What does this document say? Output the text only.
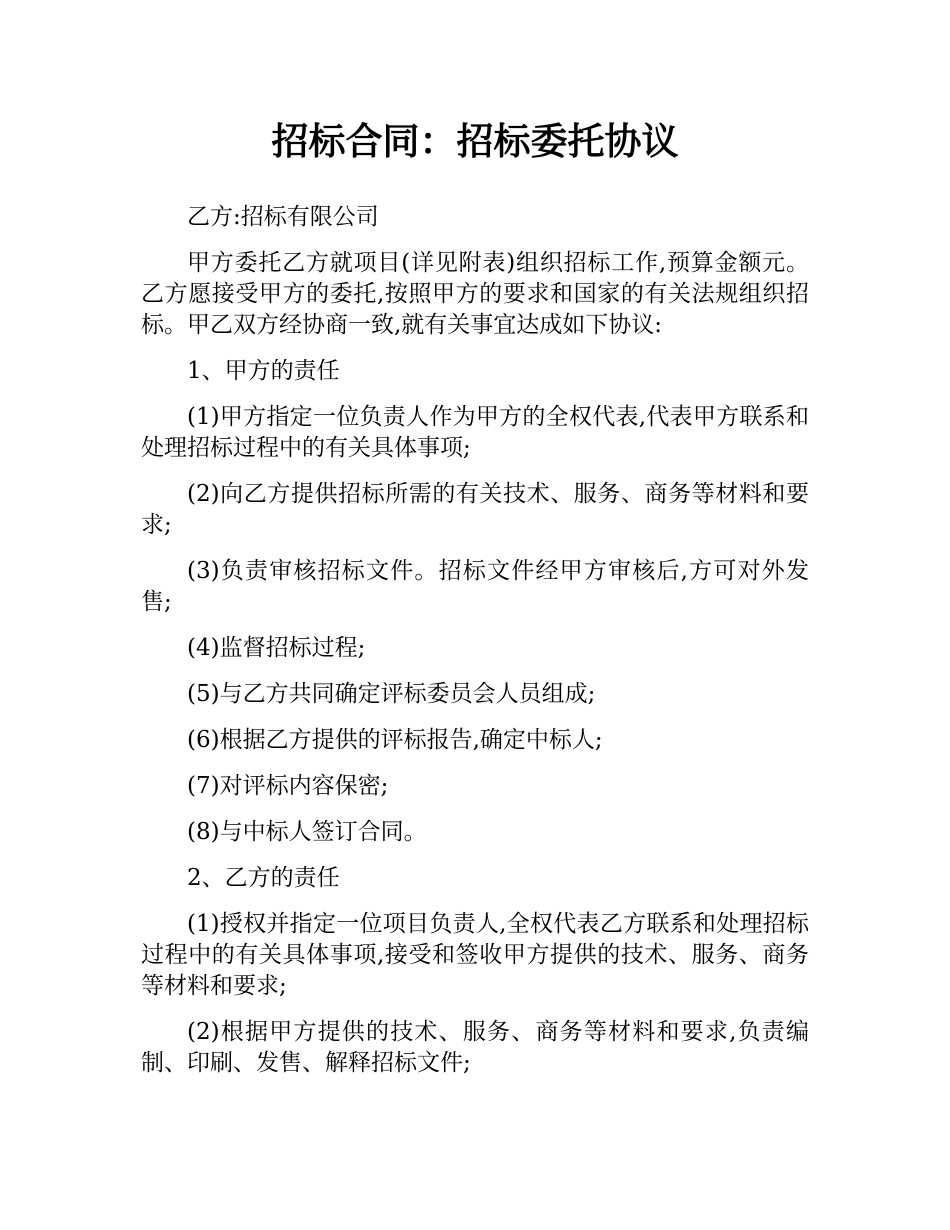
招标合同：招标委托协议

乙方:招标有限公司

甲方委托乙方就项目(详见附表)组织招标工作,预算金额元。乙方愿接受甲方的委托,按照甲方的要求和国家的有关法规组织招标。甲乙双方经协商一致,就有关事宜达成如下协议:

1、甲方的责任

(1)甲方指定一位负责人作为甲方的全权代表,代表甲方联系和处理招标过程中的有关具体事项;

(2)向乙方提供招标所需的有关技术、服务、商务等材料和要求;

(3)负责审核招标文件。招标文件经甲方审核后,方可对外发售;

(4)监督招标过程;

(5)与乙方共同确定评标委员会人员组成;

(6)根据乙方提供的评标报告,确定中标人;

(7)对评标内容保密;

(8)与中标人签订合同。

2、乙方的责任

(1)授权并指定一位项目负责人,全权代表乙方联系和处理招标过程中的有关具体事项,接受和签收甲方提供的技术、服务、商务等材料和要求;

(2)根据甲方提供的技术、服务、商务等材料和要求,负责编制、印刷、发售、解释招标文件;
